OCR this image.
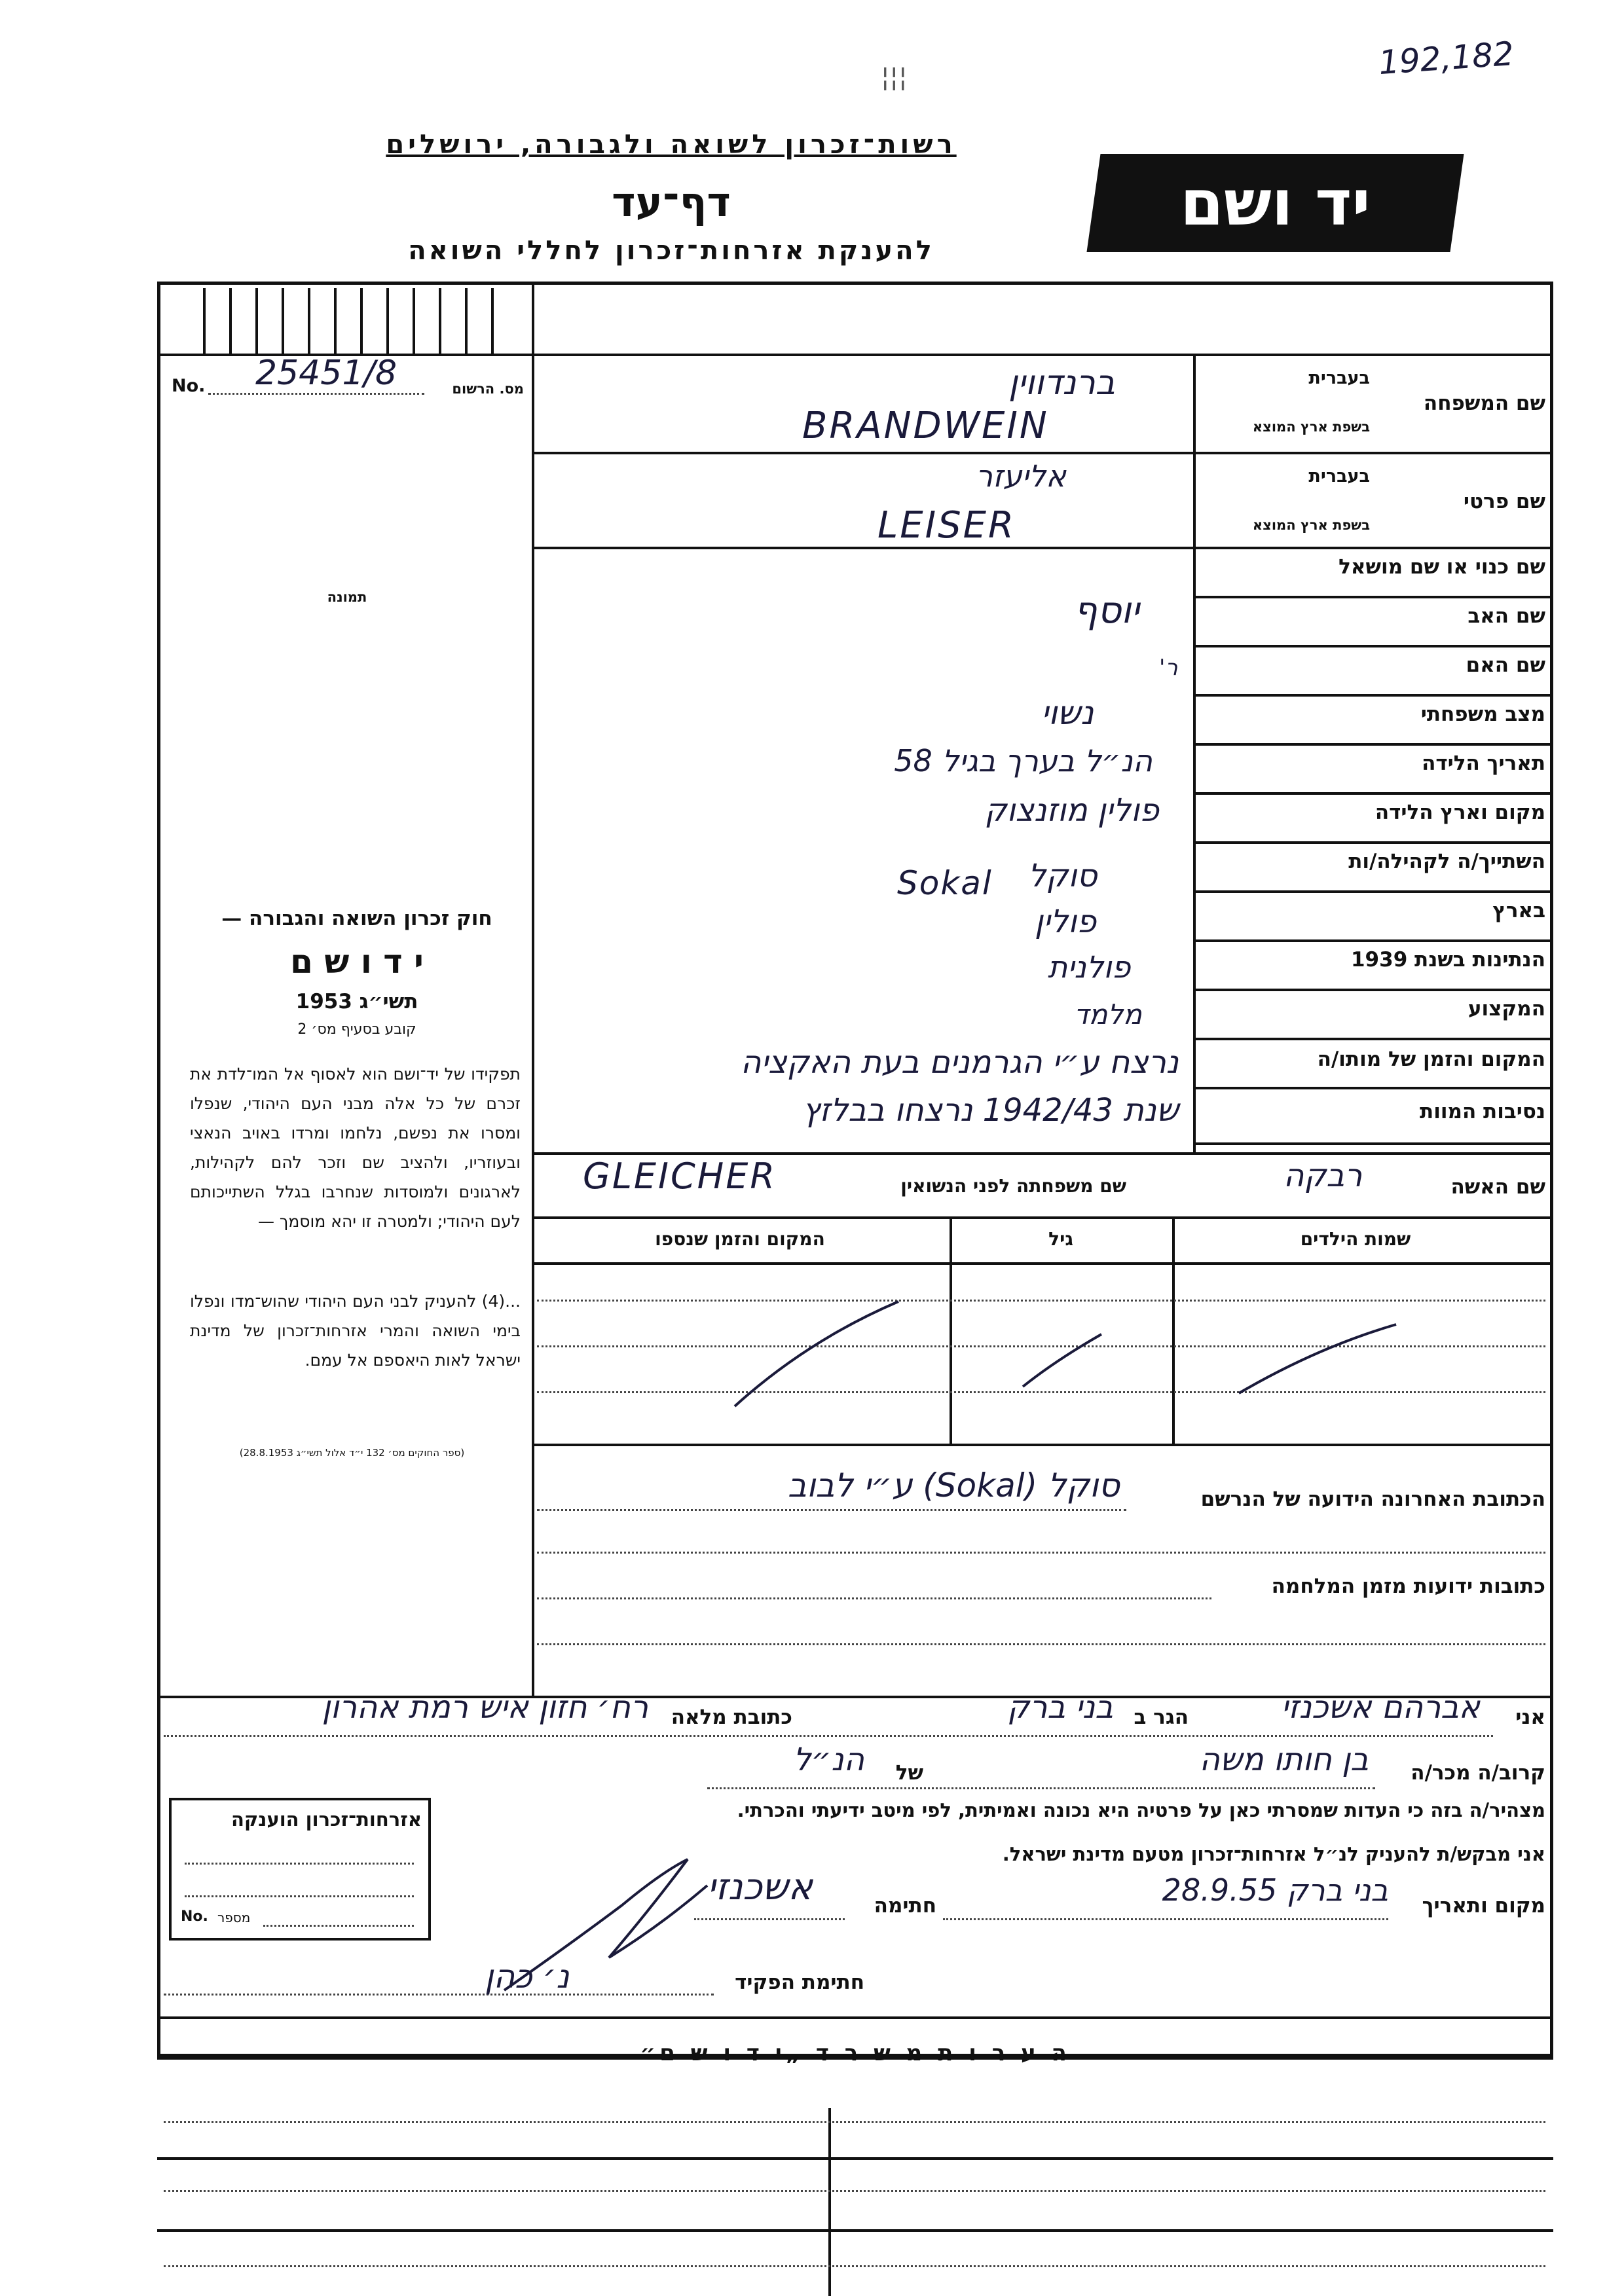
192,182
¦¦¦
רשות־זכרון לשואה ולגבורה, ירושלים
דף־עד
להענקת אזרחות־זכרון לחללי השואה
יד ושם
No. 25451/8	מס. הרשום
תמונה
חוק זכרון השואה והגבורה —
י ד ו ש ם
תשי״ג 1953
קובע בסעיף מס׳ 2
תפקידו של יד־ושם הוא לאסוף אל המו־לדת את זכרם של כל אלה מבני העם היהודי, שנפלו ומסרו את נפשם, נלחמו ומרדו באויב הנאצי ובעוזריו, ולהציב שם וזכר להם לקהילות, לארגונים ולמוסדות שנחרבו בגלל השתייכותם לעם היהודי; ולמטרה זו יהא מוסמך —
...(4) להעניק לבני העם היהודי שהוש־מדו ונפלו בימי השואה והמרי אזרחות־זכרון של מדינת ישראל לאות היאספם אל עמם.
(ספר החוקים מס׳ 132 י״ד אלול תשי״ג 28.8.1953)
שם המשפחה
בעברית
בשפת ארץ המוצא
ברנדווין
BRANDWEIN
שם פרטי
בעברית
בשפת ארץ המוצא
אליעזר
LEISER
שם כנוי או שם מושאל
שם האב
יוסף
שם האם
ר'
מצב משפחתי
נשוי
תאריך הלידה
הנ״ל בערך בגיל 58
מקום וארץ הלידה
פולין מוזנצוק
השתייך/ה לקהילה/ות
Sokal סוקל
בארץ
פולין
הנתינות בשנת 1939
פולנית
המקצוע
מלמד
המקום והזמן של מותו/ה
נרצח ע״י הגרמנים בעת האקציה
נסיבות המוות
שנת 1942/43 נרצחו בבלזץ
שם האשה
רבקה
שם משפחתה לפני הנשואין
GLEICHER
שמות הילדים
גיל
המקום והזמן שנספו
הכתובת האחרונה הידועה של הנרשם
סוקל (Sokal) ע״י לבוב
כתובות ידועות מזמן המלחמה
אני
אברהם אשכנזי
הגר ב
בני ברק
כתובת מלאה
רח׳ חזון איש רמת אהרון
קרוב/ה מכר/ה
בן חותו משה
של
הנ״ל
מצהיר/ה בזה כי העדות שמסרתי כאן על פרטיה היא נכונה ואמיתית, לפי מיטב ידיעתי והכרתי.
אני מבקש/ת להעניק לנ״ל אזרחות־זכרון מטעם מדינת ישראל.
מקום ותאריך
בני ברק 28.9.55
חתימה
אשכנזי
חתימת הפקיד
נ׳ כהן
אזרחות־זכרון הוענקה
No. מספר
ה ע ר ו ת מ ש ר ד „י ד ו ש ם״
